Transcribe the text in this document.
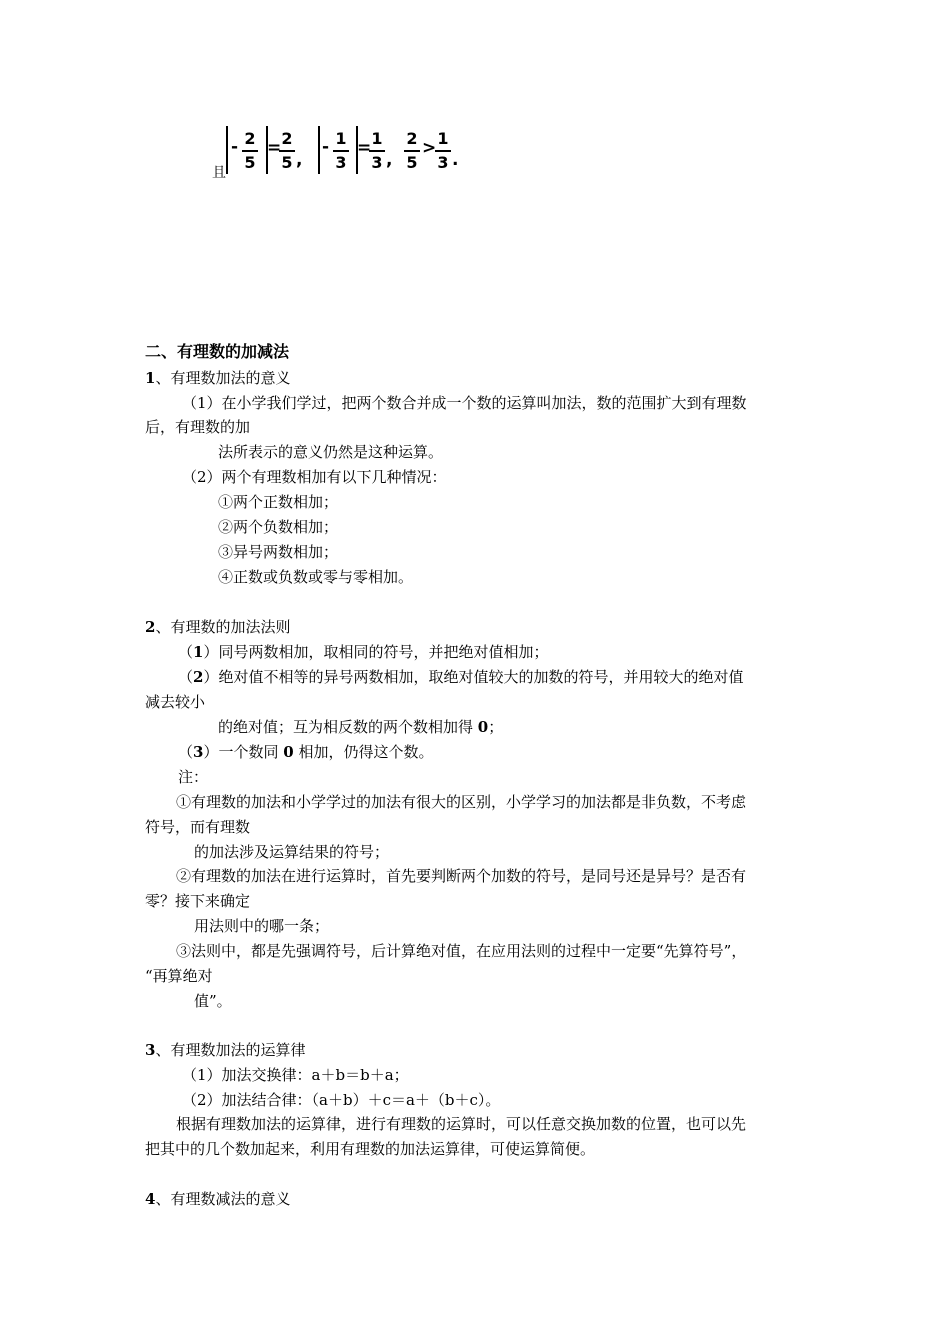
且
- 2
5
= 2
5 ,
- 1
3
= 1
3 ,
2
5
> 1
3 .
二、有理数的加减法
1、有理数加法的意义
（1）在小学我们学过，把两个数合并成一个数的运算叫加法，数的范围扩大到有理数
后，有理数的加
法所表示的意义仍然是这种运算。
（2）两个有理数相加有以下几种情况：
①两个正数相加；
②两个负数相加；
③异号两数相加；
④正数或负数或零与零相加。
2、有理数的加法法则
（1）同号两数相加，取相同的符号，并把绝对值相加；
（2）绝对值不相等的异号两数相加，取绝对值较大的加数的符号，并用较大的绝对值
减去较小
的绝对值；互为相反数的两个数相加得 0；
（3）一个数同 0 相加，仍得这个数。
注：
①有理数的加法和小学学过的加法有很大的区别，小学学习的加法都是非负数，不考虑
符号，而有理数
的加法涉及运算结果的符号；
②有理数的加法在进行运算时，首先要判断两个加数的符号，是同号还是异号？是否有
零？接下来确定
用法则中的哪一条；
③法则中，都是先强调符号，后计算绝对值，在应用法则的过程中一定要“先算符号”，
“再算绝对
值”。
3、有理数加法的运算律
（1）加法交换律：a＋b＝b＋a；
（2）加法结合律：（a＋b）＋c＝a＋（b＋c）。
根据有理数加法的运算律，进行有理数的运算时，可以任意交换加数的位置，也可以先
把其中的几个数加起来，利用有理数的加法运算律，可使运算简便。
4、有理数减法的意义
